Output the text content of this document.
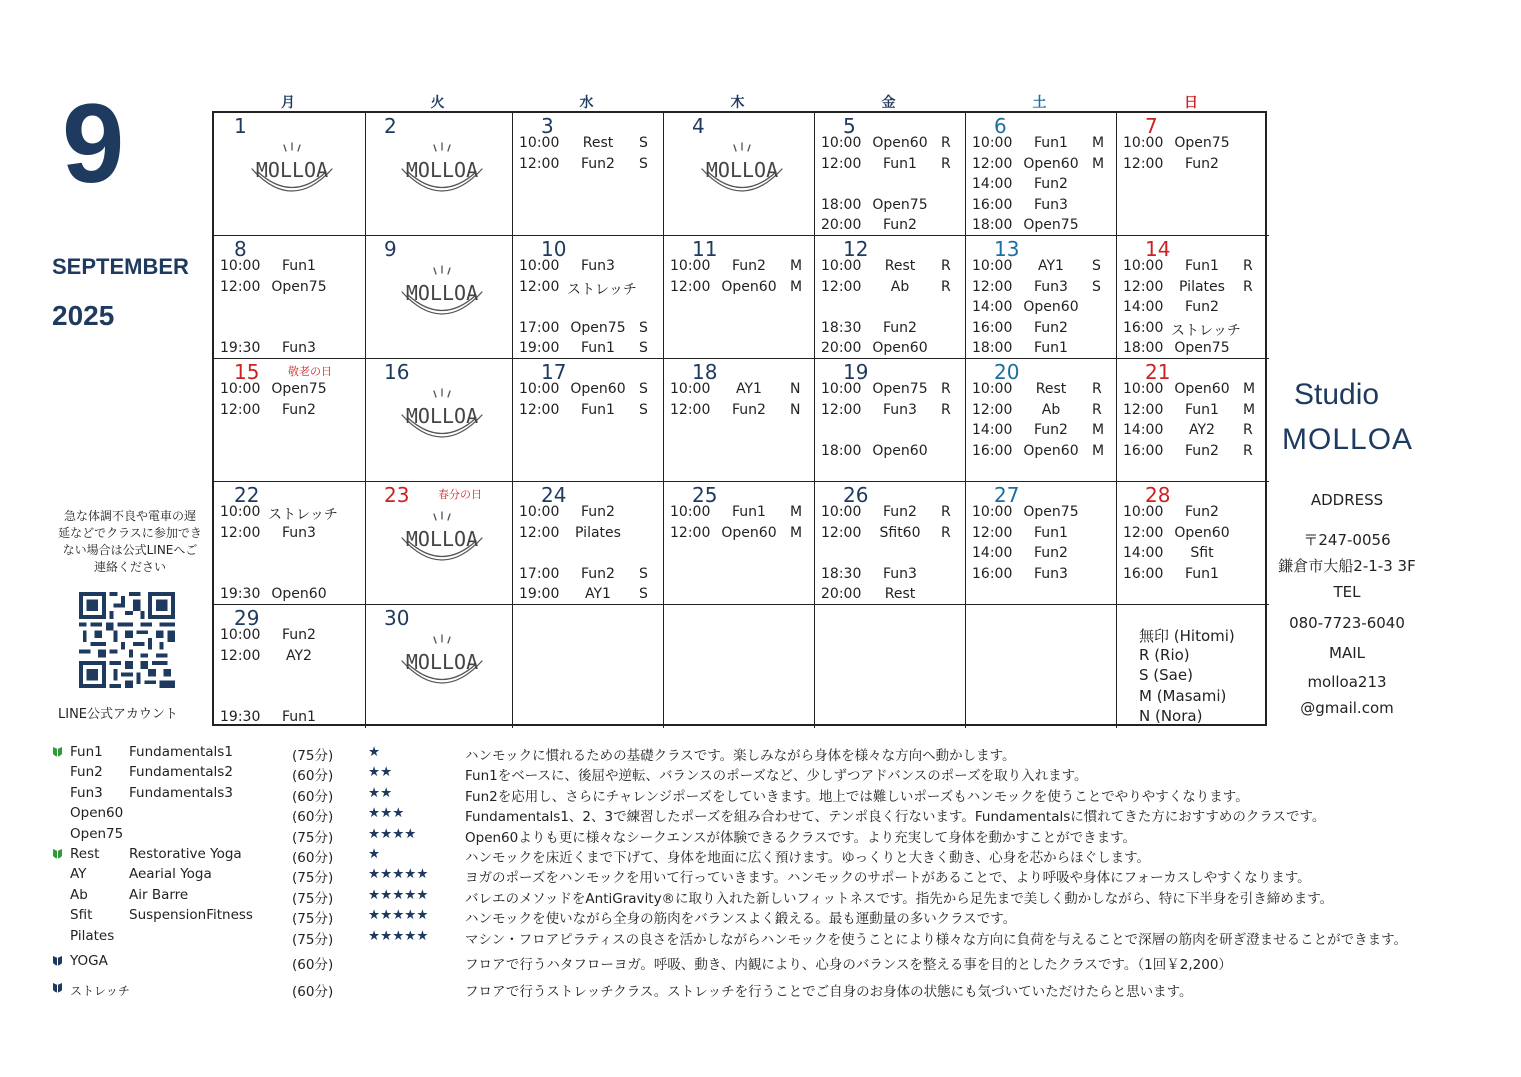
9
SEPTEMBER
2025
急な体調不良や電車の遅
延などでクラスに参加でき
ない場合は公式LINEへご
連絡ください
LINE公式アカウント
月	火	水	木	金	土	日
1
MOLLOA
2
MOLLOA
3
10:00	Rest	S
12:00	Fun2	S
4
MOLLOA
5
10:00 Open60 R
12:00	Fun1	R
18:00 Open75
20:00	Fun2
6
10:00	Fun1	M
12:00 Open60 M
14:00	Fun2
16:00	Fun3
18:00 Open75
7
10:00 Open75
12:00	Fun2
8
10:00	Fun1
12:00 Open75
19:30	Fun3
9
MOLLOA
10
10:00	Fun3
12:00 ストレッチ
17:00 Open75 S
19:00	Fun1	S
11
10:00	Fun2	M
12:00 Open60 M
12
10:00	Rest	R
12:00	Ab	R
18:30	Fun2
20:00 Open60
13
10:00	AY1	S
12:00	Fun3	S
14:00 Open60
16:00	Fun2
18:00	Fun1
14
10:00	Fun1	R
12:00	Pilates	R
14:00	Fun2
16:00 ストレッチ
18:00 Open75
15	敬老の日
10:00 Open75
12:00	Fun2
16
MOLLOA
17
10:00 Open60 S
12:00	Fun1	S
18
10:00	AY1	N
12:00	Fun2	N
19
10:00 Open75 R
12:00	Fun3	R
18:00 Open60
20
10:00	Rest	R
12:00	Ab	R
14:00	Fun2	M
16:00 Open60 M
21
10:00 Open60 M
12:00	Fun1	M
14:00	AY2	R
16:00	Fun2	R
22
10:00 ストレッチ
12:00	Fun3
19:30 Open60
23	春分の日
MOLLOA
24
10:00	Fun2
12:00	Pilates
17:00	Fun2	S
19:00	AY1	S
25
10:00	Fun1	M
12:00 Open60 M
26
10:00	Fun2	R
12:00	Sfit60	R
18:30	Fun3
20:00	Rest
27
10:00 Open75
12:00	Fun1
14:00	Fun2
16:00	Fun3
28
10:00	Fun2
12:00 Open60
14:00	Sfit
16:00	Fun1
29
10:00	Fun2
12:00	AY2
19:30	Fun1
30
MOLLOA
無印 (Hitomi)
R (Rio)
S (Sae)
M (Masami)
N (Nora)
Studio
MOLLOA
ADDRESS
〒247-0056
鎌倉市大船2-1-3 3F
TEL
080-7723-6040
MAIL
molloa213
@gmail.com
Fun1 Fundamentals1	(75分)	★	ハンモックに慣れるための基礎クラスです。楽しみながら身体を様々な方向へ動かします。
Fun2 Fundamentals2	(60分)	★★	Fun1をベースに、後屈や逆転、バランスのポーズなど、少しずつアドバンスのポーズを取り入れます。
Fun3 Fundamentals3	(60分)	★★	Fun2を応用し、さらにチャレンジポーズをしていきます。地上では難しいポーズもハンモックを使うことでやりやすくなります。
Open60	(60分)	★★★	Fundamentals1、2、3で練習したポーズを組み合わせて、テンポ良く行ないます。Fundamentalsに慣れてきた方におすすめのクラスです。
Open75	(75分)	★★★★	Open60よりも更に様々なシークエンスが体験できるクラスです。より充実して身体を動かすことができます。
Rest Restorative Yoga	(60分)	★	ハンモックを床近くまで下げて、身体を地面に広く預けます。ゆっくりと大きく動き、心身を芯からほぐします。
AY	Aearial Yoga	(75分)	★★★★★	ヨガのポーズをハンモックを用いて行っていきます。ハンモックのサポートがあることで、より呼吸や身体にフォーカスしやすくなります。
Ab	Air Barre	(75分)	★★★★★	バレエのメソッドをAntiGravity®に取り入れた新しいフィットネスです。指先から足先まで美しく動かしながら、特に下半身を引き締めます。
Sfit	SuspensionFitness	(75分)	★★★★★	ハンモックを使いながら全身の筋肉をバランスよく鍛える。最も運動量の多いクラスです。
Pilates	(75分)	★★★★★	マシン・フロアピラティスの良さを活かしながらハンモックを使うことにより様々な方向に負荷を与えることで深層の筋肉を研ぎ澄ませることができます。
YOGA	(60分)	フロアで行うハタフローヨガ。呼吸、動き、内観により、心身のバランスを整える事を目的としたクラスです。（1回￥2,200）
ストレッチ	(60分)	フロアで行うストレッチクラス。ストレッチを行うことでご自身のお身体の状態にも気づいていただけたらと思います。
